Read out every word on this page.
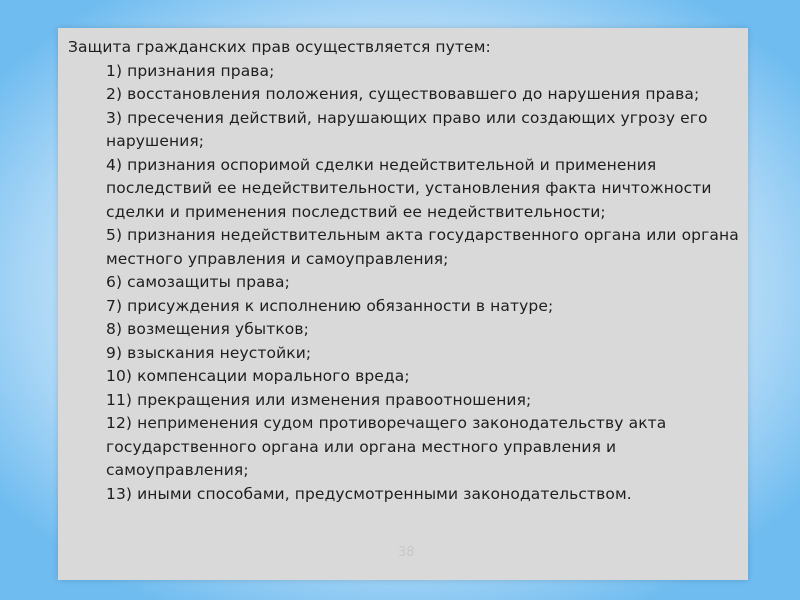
Защита гражданских прав осуществляется путем:

1) признания права;
2) восстановления положения, существовавшего до нарушения права;
3) пресечения действий, нарушающих право или создающих угрозу его нарушения;
4) признания оспоримой сделки недействительной и применения последствий ее недействительности, установления факта ничтожности сделки и применения последствий ее недействительности;
5) признания недействительным акта государственного органа или органа местного управления и самоуправления;
6) самозащиты права;
7) присуждения к исполнению обязанности в натуре;
8) возмещения убытков;
9) взыскания неустойки;
10) компенсации морального вреда;
11) прекращения или изменения правоотношения;
12) неприменения судом противоречащего законодательству акта государственного органа или органа местного управления и самоуправления;
13) иными способами, предусмотренными законодательством.
38
